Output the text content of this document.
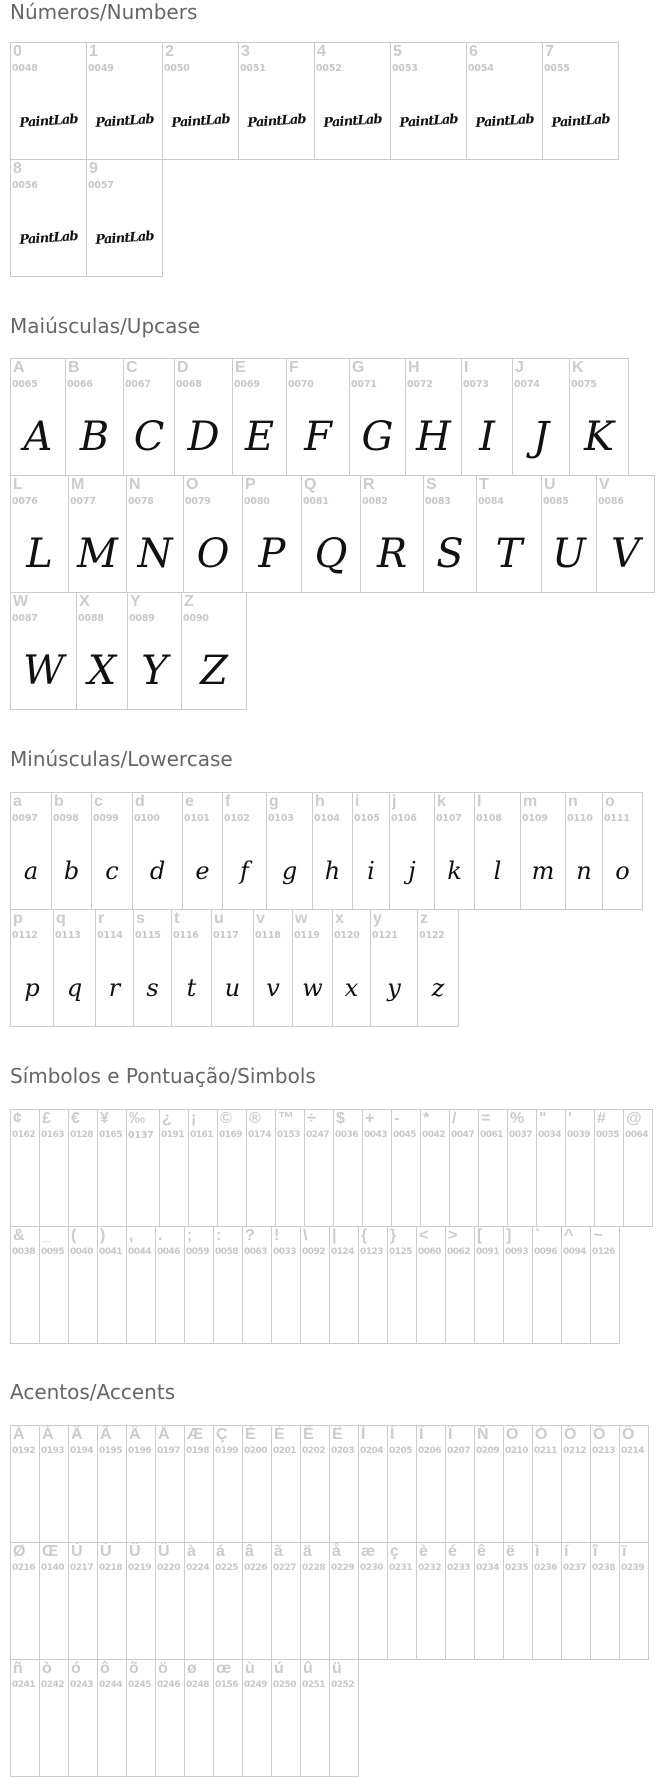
Números/Numbers
0
0048
PaintLab
1
0049
PaintLab
2
0050
PaintLab
3
0051
PaintLab
4
0052
PaintLab
5
0053
PaintLab
6
0054
PaintLab
7
0055
PaintLab
8
0056
PaintLab
9
0057
PaintLab
Maiúsculas/Upcase
A
0065
A
B
0066
B
C
0067
C
D
0068
D
E
0069
E
F
0070
F
G
0071
G
H
0072
H
I
0073
I
J
0074
J
K
0075
K
L
0076
L
M
0077
M
N
0078
N
O
0079
O
P
0080
P
Q
0081
Q
R
0082
R
S
0083
S
T
0084
T
U
0085
U
V
0086
V
W
0087
W
X
0088
X
Y
0089
Y
Z
0090
Z
Minúsculas/Lowercase
a
0097
a
b
0098
b
c
0099
c
d
0100
d
e
0101
e
f
0102
f
g
0103
g
h
0104
h
i
0105
i
j
0106
j
k
0107
k
l
0108
l
m
0109
m
n
0110
n
o
0111
o
p
0112
p
q
0113
q
r
0114
r
s
0115
s
t
0116
t
u
0117
u
v
0118
v
w
0119
w
x
0120
x
y
0121
y
z
0122
z
Símbolos e Pontuação/Simbols
¢
0162
£
0163
€
0128
¥
0165
‰
0137
¿
0191
¡
0161
©
0169
®
0174
™
0153
÷
0247
$
0036
+
0043
-
0045
*
0042
/
0047
=
0061
%
0037
"
0034
'
0039
#
0035
@
0064
&
0038
_
0095
(
0040
)
0041
,
0044
.
0046
;
0059
:
0058
?
0063
!
0033
\
0092
|
0124
{
0123
}
0125
<
0060
>
0062
[
0091
]
0093
`
0096
^
0094
~
0126
Acentos/Accents
À
0192
Á
0193
Â
0194
Ã
0195
Ä
0196
Å
0197
Æ
0198
Ç
0199
È
0200
É
0201
Ê
0202
Ë
0203
Ì
0204
Í
0205
Î
0206
Ï
0207
Ñ
0209
Ò
0210
Ó
0211
Ô
0212
Õ
0213
Ö
0214
Ø
0216
Œ
0140
Ù
0217
Ú
0218
Û
0219
Ü
0220
à
0224
á
0225
â
0226
ã
0227
ä
0228
å
0229
æ
0230
ç
0231
è
0232
é
0233
ê
0234
ë
0235
ì
0236
í
0237
î
0238
ï
0239
ñ
0241
ò
0242
ó
0243
ô
0244
õ
0245
ö
0246
ø
0248
œ
0156
ù
0249
ú
0250
û
0251
ü
0252
